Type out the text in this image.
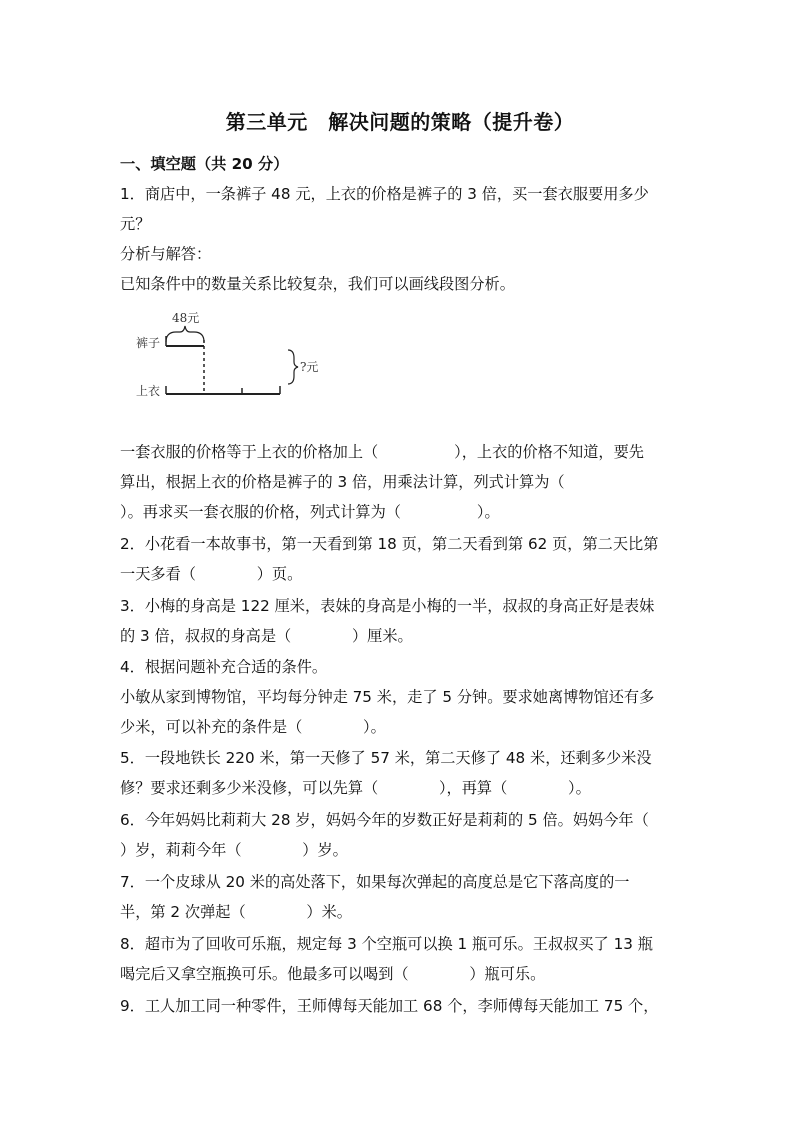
第三单元　解决问题的策略（提升卷）
一、填空题（共 20 分）
1．商店中，一条裤子 48 元，上衣的价格是裤子的 3 倍，买一套衣服要用多少
元？
分析与解答：
已知条件中的数量关系比较复杂，我们可以画线段图分析。
48元
裤子
上衣
?元
一套衣服的价格等于上衣的价格加上（　　　　　），上衣的价格不知道，要先
算出，根据上衣的价格是裤子的 3 倍，用乘法计算，列式计算为（
）。再求买一套衣服的价格，列式计算为（　　　　　）。
2．小花看一本故事书，第一天看到第 18 页，第二天看到第 62 页，第二天比第
一天多看（　　　　）页。
3．小梅的身高是 122 厘米，表妹的身高是小梅的一半，叔叔的身高正好是表妹
的 3 倍，叔叔的身高是（　　　　）厘米。
4．根据问题补充合适的条件。
小敏从家到博物馆，平均每分钟走 75 米，走了 5 分钟。要求她离博物馆还有多
少米，可以补充的条件是（　　　　）。
5．一段地铁长 220 米，第一天修了 57 米，第二天修了 48 米，还剩多少米没
修？要求还剩多少米没修，可以先算（　　　　），再算（　　　　）。
6．今年妈妈比莉莉大 28 岁，妈妈今年的岁数正好是莉莉的 5 倍。妈妈今年（
）岁，莉莉今年（　　　　）岁。
7．一个皮球从 20 米的高处落下，如果每次弹起的高度总是它下落高度的一
半，第 2 次弹起（　　　　）米。
8．超市为了回收可乐瓶，规定每 3 个空瓶可以换 1 瓶可乐。王叔叔买了 13 瓶
喝完后又拿空瓶换可乐。他最多可以喝到（　　　　）瓶可乐。
9．工人加工同一种零件，王师傅每天能加工 68 个，李师傅每天能加工 75 个，
